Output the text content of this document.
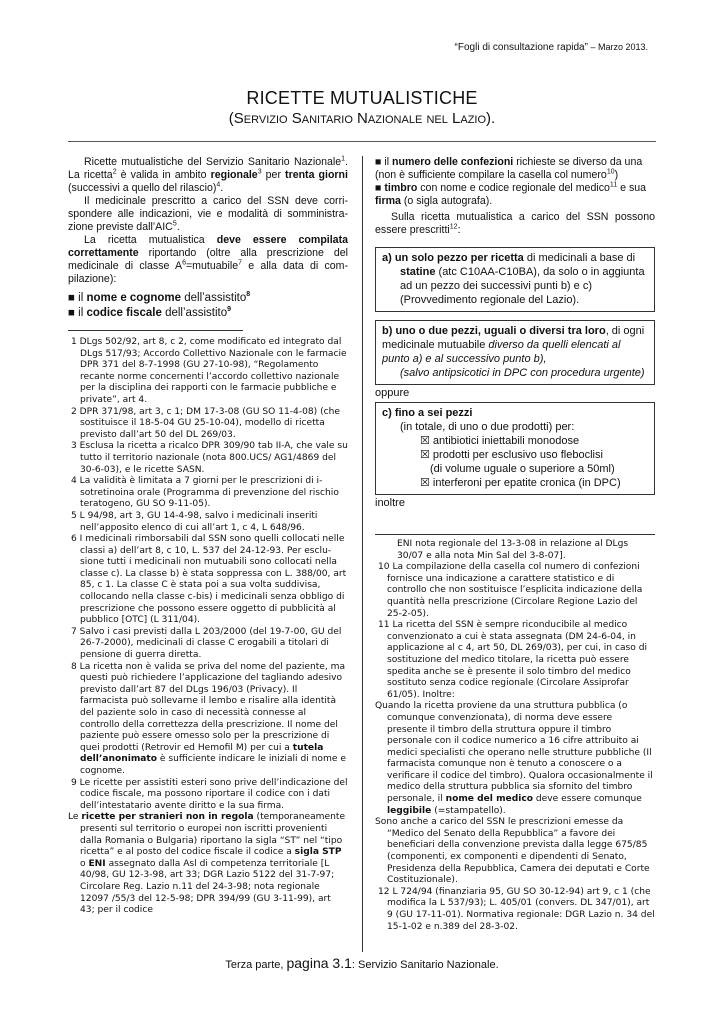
“Fogli di consultazione rapida” – Marzo 2013.
RICETTE MUTUALISTICHE
(Servizio Sanitario Nazionale nel Lazio).

Ricette mutualistiche del Servizio Sanitario Nazionale$^1$. La ricetta$^2$ è valida in ambito regionale$^3$ per trenta giorni (successivi a quello del rilascio)$^4$.

Il medicinale prescritto a carico del SSN deve corrispondere alle indicazioni, vie e modalità di somministrazione previste dall’AIC$^5$.

La ricetta mutualistica deve essere compilata correttamente riportando (oltre alla prescrizione del medicinale di classe $A^6=mutuabile^7$ e alla data di compilazione):

■ il nome e cognome dell’assistito$^8$

■ il codice fiscale dell’assistito$^9$

1 DLgs 502/92, art 8, c 2, come modificato ed integrato dal DLgs 517/93; Accordo Collettivo Nazionale con le farmacie DPR 371 del 8-7-1998 (GU 27-10-98), “Regolamento recante norme concernenti l’accordo collettivo nazionale per la disciplina dei rapporti con le farmacie pubbliche e private”, art 4.

2 DPR 371/98, art 3, c 1; DM 17-3-08 (GU SO 11-4-08) (che sostituisce il 18-5-04 GU 25-10-04), modello di ricetta previsto dall’art 50 del DL 269/03.

3 Esclusa la ricetta a ricalco DPR 309/90 tab II-A, che vale su tutto il territorio nazionale (nota 800.UCS/ AG1/4869 del 30-6-03), e le ricette SASN.

4 La validità è limitata a 7 giorni per le prescrizioni di isotretinoina orale (Programma di prevenzione del rischio teratogeno, GU SO 9-11-05).

5 L 94/98, art 3, GU 14-4-98, salvo i medicinali inseriti nell’apposito elenco di cui all’art 1, c 4, L 648/96.

6 I medicinali rimborsabili dal SSN sono quelli collocati nelle classi a) dell’art 8, c 10, L. 537 del 24-12-93. Per esclusione tutti i medicinali non mutuabili sono collocati nella classe c). La classe b) è stata soppressa con L. 388/00, art 85, c 1. La classe C è stata poi a sua volta suddivisa, collocando nella classe c-bis) i medicinali senza obbligo di prescrizione che possono essere oggetto di pubblicità al pubblico [OTC] (L 311/04).

7 Salvo i casi previsti dalla L 203/2000 (del 19-7-00, GU del 26-7-2000), medicinali di classe C erogabili a titolari di pensione di guerra diretta.

8 La ricetta non è valida se priva del nome del paziente, ma questi può richiedere l’applicazione del tagliando adesivo previsto dall’art 87 del DLgs 196/03 (Privacy). Il farmacista può sollevarne il lembo e risalire alla identità del paziente solo in caso di necessità connesse al controllo della correttezza della prescrizione. Il nome del paziente può essere omesso solo per la prescrizione di quei prodotti (Retrovir ed Hemofil M) per cui a tutela dell’anonimato è sufficiente indicare le iniziali di nome e cognome.

9 Le ricette per assistiti esteri sono prive dell’indicazione del codice fiscale, ma possono riportare il codice con i dati dell’intestatario avente diritto e la sua firma.

Le ricette per stranieri non in regola (temporaneamente presenti sul territorio o europei non iscritti provenienti dalla Romania o Bulgaria) riportano la sigla “ST” nel “tipo ricetta” e al posto del codice fiscale il codice a sigla STP o ENI assegnato dalla Asl di competenza territoriale [L 40/98, GU 12-3-98, art 33; DGR Lazio 5122 del 31-7-97; Circolare Reg. Lazio n.11 del 24-3-98; nota regionale 12097 /55/3 del 12-5-98; DPR 394/99 (GU 3-11-99), art 43; per il codice

■ il numero delle confezioni richieste se diverso da una (non è sufficiente compilare la casella col numero$^{10}$)

■ timbro con nome e codice regionale del medico$^{11}$ e sua firma (o sigla autografa).

Sulla ricetta mutualistica a carico del SSN possono essere prescritti$^{12}$:

a) un solo pezzo per ricetta di medicinali a base di

statine (atc C10AA-C10BA), da solo o in aggiunta ad un pezzo dei successivi punti b) e c) (Provvedimento regionale del Lazio).
b) uno o due pezzi, uguali o diversi tra loro, di ogni medicinale mutuabile diverso da quelli elencati al punto a) e al successivo punto b),

(salvo antipsicotici in DPC con procedura urgente)
oppure
c) fino a sei pezzi
(in totale, di uno o due prodotti) per:
☒ antibiotici iniettabili monodose
☒ prodotti per esclusivo uso fleboclisi
(di volume uguale o superiore a 50ml)
☒ interferoni per epatite cronica (in DPC)
inoltre

ENI nota regionale del 13-3-08 in relazione al DLgs 30/07 e alla nota Min Sal del 3-8-07].

10 La compilazione della casella col numero di confezioni fornisce una indicazione a carattere statistico e di controllo che non sostituisce l’esplicita indicazione della quantità nella prescrizione (Circolare Regione Lazio del 25-2-05).

11 La ricetta del SSN è sempre riconducibile al medico convenzionato a cui è stata assegnata (DM 24-6-04, in applicazione al c 4, art 50, DL 269/03), per cui, in caso di sostituzione del medico titolare, la ricetta può essere spedita anche se è presente il solo timbro del medico sostituto senza codice regionale (Circolare Assiprofar 61/05). Inoltre:

Quando la ricetta proviene da una struttura pubblica (o comunque convenzionata), di norma deve essere presente il timbro della struttura oppure il timbro personale con il codice numerico a 16 cifre attribuito ai medici specialisti che operano nelle strutture pubbliche (Il farmacista comunque non è tenuto a conoscere o a verificare il codice del timbro). Qualora occasionalmente il medico della struttura pubblica sia sfornito del timbro personale, il nome del medico deve essere comunque leggibile (=stampatello).

Sono anche a carico del SSN le prescrizioni emesse da “Medico del Senato della Repubblica” a favore dei beneficiari della convenzione prevista dalla legge 675/85 (componenti, ex componenti e dipendenti di Senato, Presidenza della Repubblica, Camera dei deputati e Corte Costituzionale).

12 L 724/94 (finanziaria 95, GU SO 30-12-94) art 9, c 1 (che modifica la L 537/93); L. 405/01 (convers. DL 347/01), art 9 (GU 17-11-01). Normativa regionale: DGR Lazio n. 34 del 15-1-02 e n.389 del 28-3-02.

Terza parte, pagina 3.1: Servizio Sanitario Nazionale.
